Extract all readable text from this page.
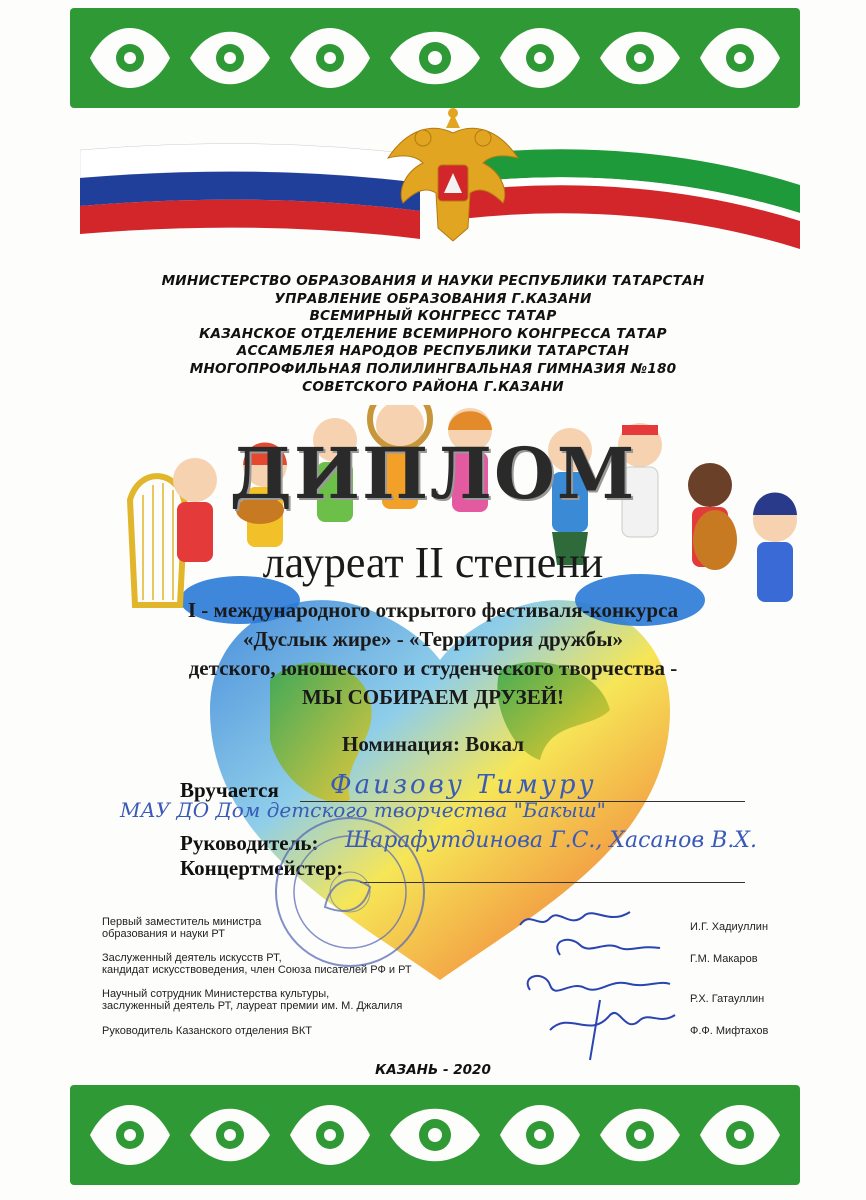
МИНИСТЕРСТВО ОБРАЗОВАНИЯ И НАУКИ РЕСПУБЛИКИ ТАТАРСТАН
УПРАВЛЕНИЕ ОБРАЗОВАНИЯ Г.КАЗАНИ
ВСЕМИРНЫЙ КОНГРЕСС ТАТАР
КАЗАНСКОЕ ОТДЕЛЕНИЕ ВСЕМИРНОГО КОНГРЕССА ТАТАР
АССАМБЛЕЯ НАРОДОВ РЕСПУБЛИКИ ТАТАРСТАН
МНОГОПРОФИЛЬНАЯ ПОЛИЛИНГВАЛЬНАЯ ГИМНАЗИЯ №180
СОВЕТСКОГО РАЙОНА Г.КАЗАНИ
ДИПЛОМ
лауреат II степени
I - международного открытого фестиваля-конкурса
«Дуслык жире» - «Территория дружбы»
детского, юношеского и студенческого творчества -
МЫ СОБИРАЕМ ДРУЗЕЙ!
Номинация: Вокал
Вручается Фаизову Тимуру
МАУ ДО Дом детского творчества "Бакыш"
Руководитель: Шарафутдинова Г.С., Хасанов В.Х.
Концертмейстер:
Первый заместитель министра
образования и науки РТ
И.Г. Хадиуллин
Заслуженный деятель искусств РТ,
кандидат искусствоведения, член Союза писателей РФ и РТ
Г.М. Макаров
Научный сотрудник Министерства культуры,
заслуженный деятель РТ, лауреат премии им. М. Джалиля
Р.Х. Гатауллин
Руководитель Казанского отделения ВКТ	Ф.Ф. Мифтахов
КАЗАНЬ - 2020
